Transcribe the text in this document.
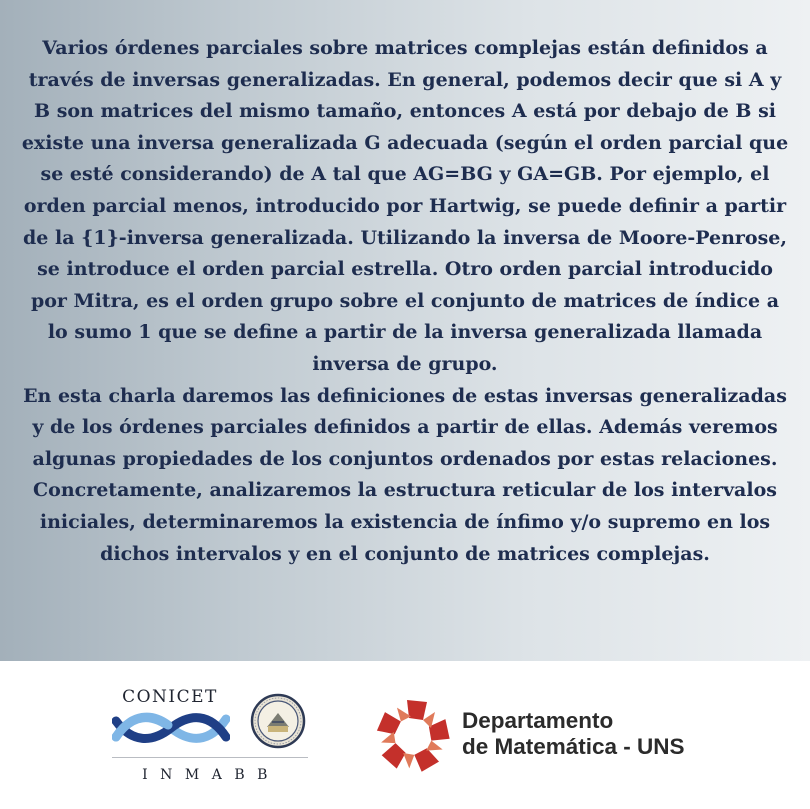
Varios órdenes parciales sobre matrices complejas están definidos a través de inversas generalizadas. En general, podemos decir que si A y B son matrices del mismo tamaño, entonces A está por debajo de B si existe una inversa generalizada G adecuada (según el orden parcial que se esté considerando) de A tal que AG=BG y GA=GB. Por ejemplo, el orden parcial menos, introducido por Hartwig, se puede definir a partir de la {1}-inversa generalizada. Utilizando la inversa de Moore-Penrose, se introduce el orden parcial estrella. Otro orden parcial introducido por Mitra, es el orden grupo sobre el conjunto de matrices de índice a lo sumo 1 que se define a partir de la inversa generalizada llamada inversa de grupo.

En esta charla daremos las definiciones de estas inversas generalizadas y de los órdenes parciales definidos a partir de ellas. Además veremos algunas propiedades de los conjuntos ordenados por estas relaciones. Concretamente, analizaremos la estructura reticular de los intervalos iniciales, determinaremos la existencia de ínfimo y/o supremo en los dichos intervalos y en el conjunto de matrices complejas.

CONICET
INMABB
Departamento
de Matemática - UNS
